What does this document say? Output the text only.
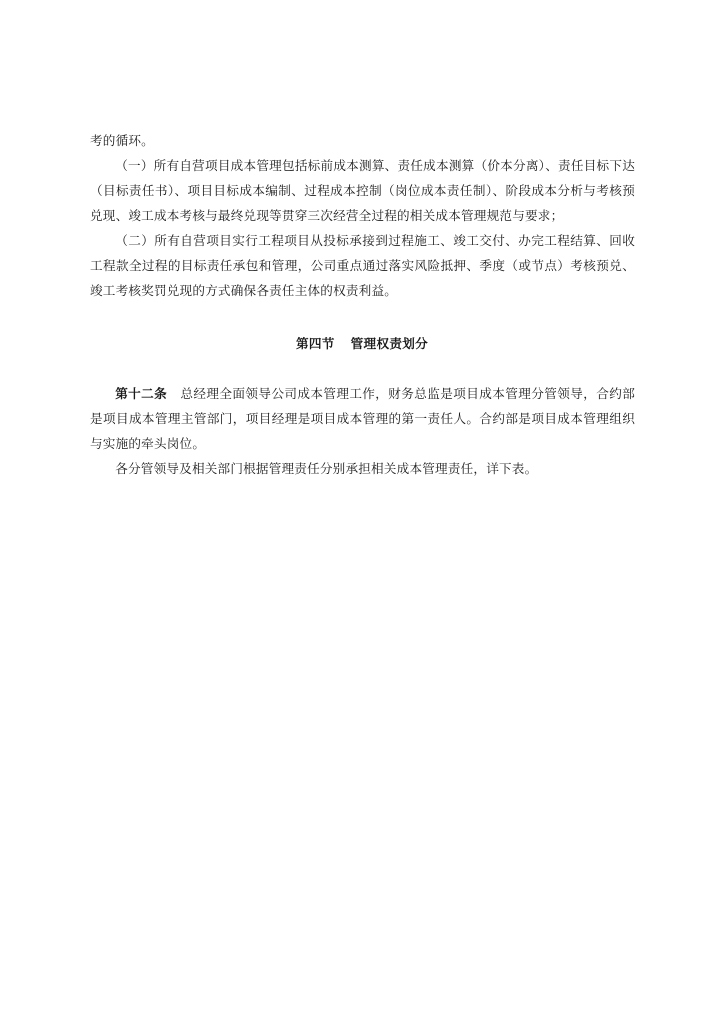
考的循环。

（一）所有自营项目成本管理包括标前成本测算、责任成本测算（价本分离）、责任目标下达（目标责任书）、项目目标成本编制、过程成本控制（岗位成本责任制）、阶段成本分析与考核预兑现、竣工成本考核与最终兑现等贯穿三次经营全过程的相关成本管理规范与要求；

（二）所有自营项目实行工程项目从投标承接到过程施工、竣工交付、办完工程结算、回收工程款全过程的目标责任承包和管理，公司重点通过落实风险抵押、季度（或节点）考核预兑、竣工考核奖罚兑现的方式确保各责任主体的权责利益。

第四节 管理权责划分

第十二条 总经理全面领导公司成本管理工作，财务总监是项目成本管理分管领导，合约部是项目成本管理主管部门，项目经理是项目成本管理的第一责任人。合约部是项目成本管理组织与实施的牵头岗位。

各分管领导及相关部门根据管理责任分别承担相关成本管理责任，详下表。
